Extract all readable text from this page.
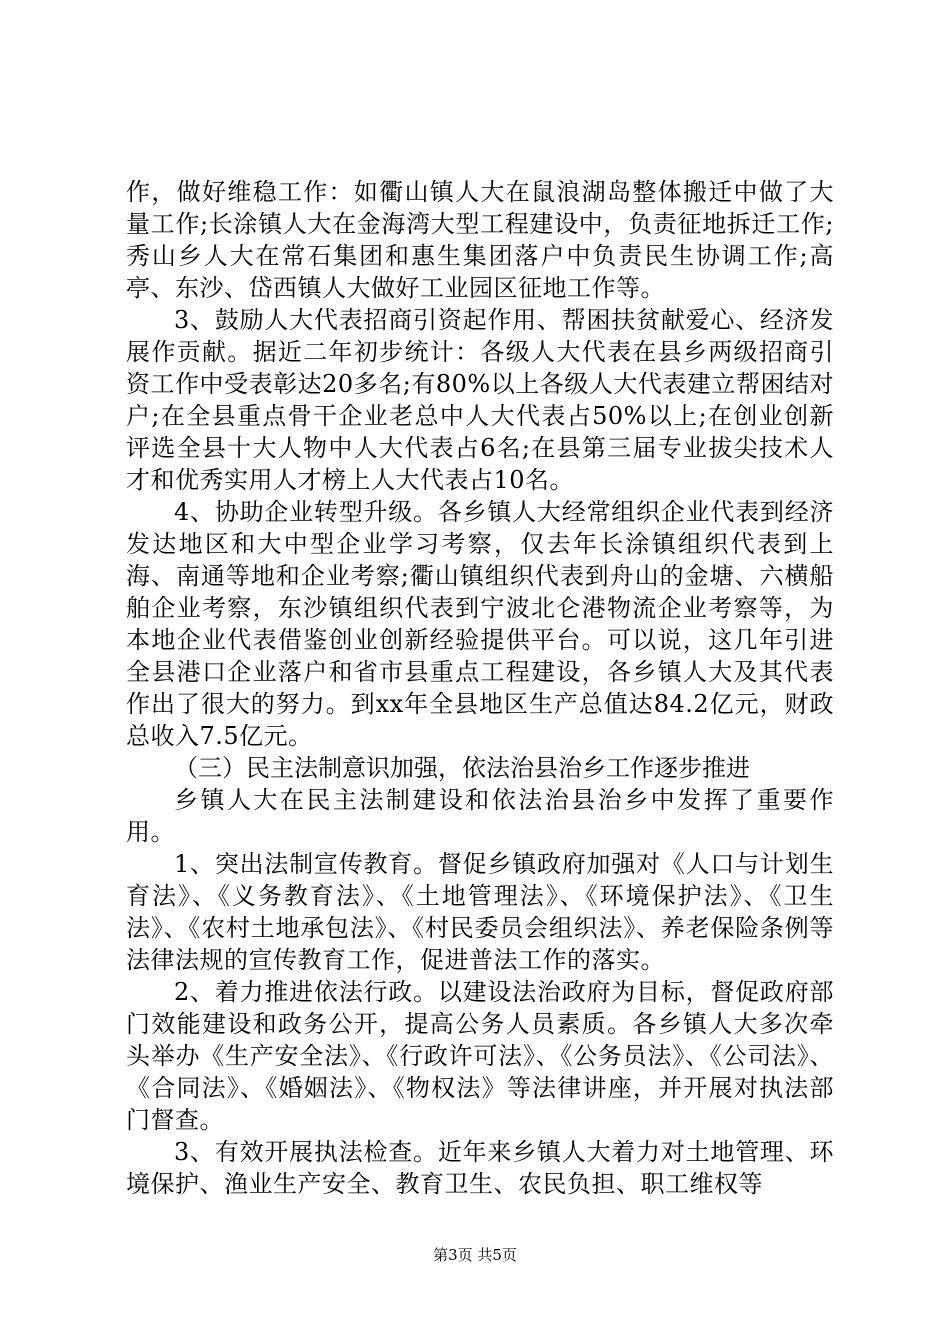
作，做好维稳工作：如衢山镇人大在鼠浪湖岛整体搬迁中做了大量工作;长涂镇人大在金海湾大型工程建设中，负责征地拆迁工作;秀山乡人大在常石集团和惠生集团落户中负责民生协调工作;高亭、东沙、岱西镇人大做好工业园区征地工作等。

3、鼓励人大代表招商引资起作用、帮困扶贫献爱心、经济发展作贡献。据近二年初步统计：各级人大代表在县乡两级招商引资工作中受表彰达20多名;有80%以上各级人大代表建立帮困结对户;在全县重点骨干企业老总中人大代表占50%以上;在创业创新评选全县十大人物中人大代表占6名;在县第三届专业拔尖技术人才和优秀实用人才榜上人大代表占10名。

4、协助企业转型升级。各乡镇人大经常组织企业代表到经济发达地区和大中型企业学习考察，仅去年长涂镇组织代表到上海、南通等地和企业考察;衢山镇组织代表到舟山的金塘、六横船舶企业考察，东沙镇组织代表到宁波北仑港物流企业考察等，为本地企业代表借鉴创业创新经验提供平台。可以说，这几年引进全县港口企业落户和省市县重点工程建设，各乡镇人大及其代表作出了很大的努力。到xx年全县地区生产总值达84.2亿元，财政总收入7.5亿元。

（三）民主法制意识加强，依法治县治乡工作逐步推进

乡镇人大在民主法制建设和依法治县治乡中发挥了重要作用。

1、突出法制宣传教育。督促乡镇政府加强对《人口与计划生育法》、《义务教育法》、《土地管理法》、《环境保护法》、《卫生法》、《农村土地承包法》、《村民委员会组织法》、养老保险条例等法律法规的宣传教育工作，促进普法工作的落实。

2、着力推进依法行政。以建设法治政府为目标，督促政府部门效能建设和政务公开，提高公务人员素质。各乡镇人大多次牵头举办《生产安全法》、《行政许可法》、《公务员法》、《公司法》、《合同法》、《婚姻法》、《物权法》等法律讲座，并开展对执法部门督查。

3、有效开展执法检查。近年来乡镇人大着力对土地管理、环境保护、渔业生产安全、教育卫生、农民负担、职工维权等

第3页 共5页
